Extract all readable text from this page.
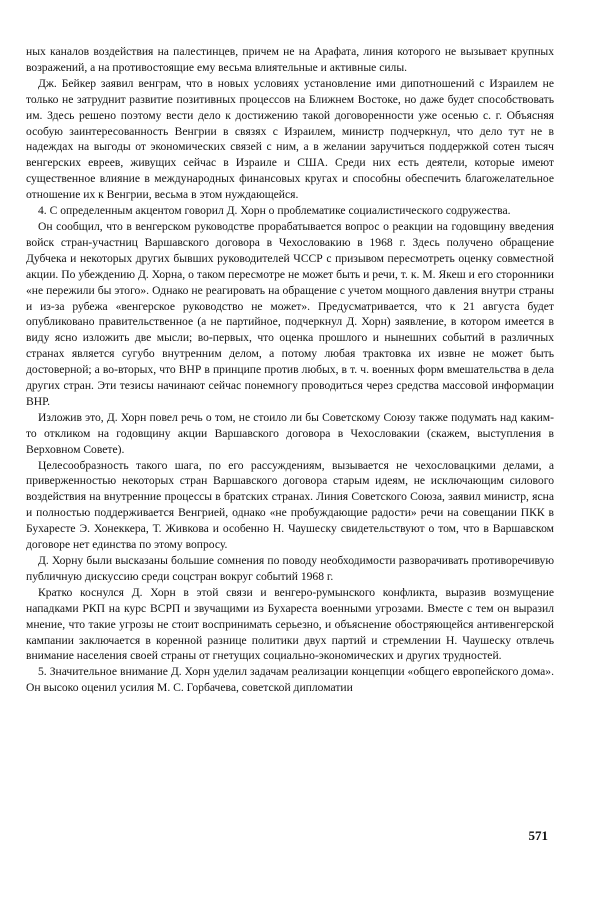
ных каналов воздействия на палестинцев, причем не на Арафата, линия которого не вызывает крупных возражений, а на противостоящие ему весьма влиятельные и активные силы.

Дж. Бейкер заявил венграм, что в новых условиях установление ими дипотношений с Израилем не только не затруднит развитие позитивных процессов на Ближнем Востоке, но даже будет способствовать им. Здесь решено поэтому вести дело к достижению такой договоренности уже осенью с. г. Объясняя особую заинтересованность Венгрии в связях с Израилем, министр подчеркнул, что дело тут не в надеждах на выгоды от экономических связей с ним, а в желании заручиться поддержкой сотен тысяч венгерских евреев, живущих сейчас в Израиле и США. Среди них есть деятели, которые имеют существенное влияние в международных финансовых кругах и способны обеспечить благожелательное отношение их к Венгрии, весьма в этом нуждающейся.

4. С определенным акцентом говорил Д. Хорн о проблематике социалистического содружества.

Он сообщил, что в венгерском руководстве прорабатывается вопрос о реакции на годовщину введения войск стран-участниц Варшавского договора в Чехословакию в 1968 г. Здесь получено обращение Дубчека и некоторых других бывших руководителей ЧССР с призывом пересмотреть оценку совместной акции. По убеждению Д. Хорна, о таком пересмотре не может быть и речи, т. к. М. Якеш и его сторонники «не пережили бы этого». Однако не реагировать на обращение с учетом мощного давления внутри страны и из-за рубежа «венгерское руководство не может». Предусматривается, что к 21 августа будет опубликовано правительственное (а не партийное, подчеркнул Д. Хорн) заявление, в котором имеется в виду ясно изложить две мысли; во-первых, что оценка прошлого и нынешних событий в различных странах является сугубо внутренним делом, а потому любая трактовка их извне не может быть достоверной; а во-вторых, что ВНР в принципе против любых, в т. ч. военных форм вмешательства в дела других стран. Эти тезисы начинают сейчас понемногу проводиться через средства массовой информации ВНР.

Изложив это, Д. Хорн повел речь о том, не стоило ли бы Советскому Союзу также подумать над каким-то откликом на годовщину акции Варшавского договора в Чехословакии (скажем, выступления в Верховном Совете).

Целесообразность такого шага, по его рассуждениям, вызывается не чехословацкими делами, а приверженностью некоторых стран Варшавского договора старым идеям, не исключающим силового воздействия на внутренние процессы в братских странах. Линия Советского Союза, заявил министр, ясна и полностью поддерживается Венгрией, однако «не пробуждающие радости» речи на совещании ПКК в Бухаресте Э. Хонеккера, Т. Живкова и особенно Н. Чаушеску свидетельствуют о том, что в Варшавском договоре нет единства по этому вопросу.

Д. Хорну были высказаны большие сомнения по поводу необходимости разворачивать противоречивую публичную дискуссию среди соцстран вокруг событий 1968 г.

Кратко коснулся Д. Хорн в этой связи и венгеро-румынского конфликта, выразив возмущение нападками РКП на курс ВСРП и звучащими из Бухареста военными угрозами. Вместе с тем он выразил мнение, что такие угрозы не стоит воспринимать серьезно, и объяснение обостряющейся антивенгерской кампании заключается в коренной разнице политики двух партий и стремлении Н. Чаушеску отвлечь внимание населения своей страны от гнетущих социально-экономических и других трудностей.

5. Значительное внимание Д. Хорн уделил задачам реализации концепции «общего европейского дома». Он высоко оценил усилия М. С. Горбачева, советской дипломатии

571
